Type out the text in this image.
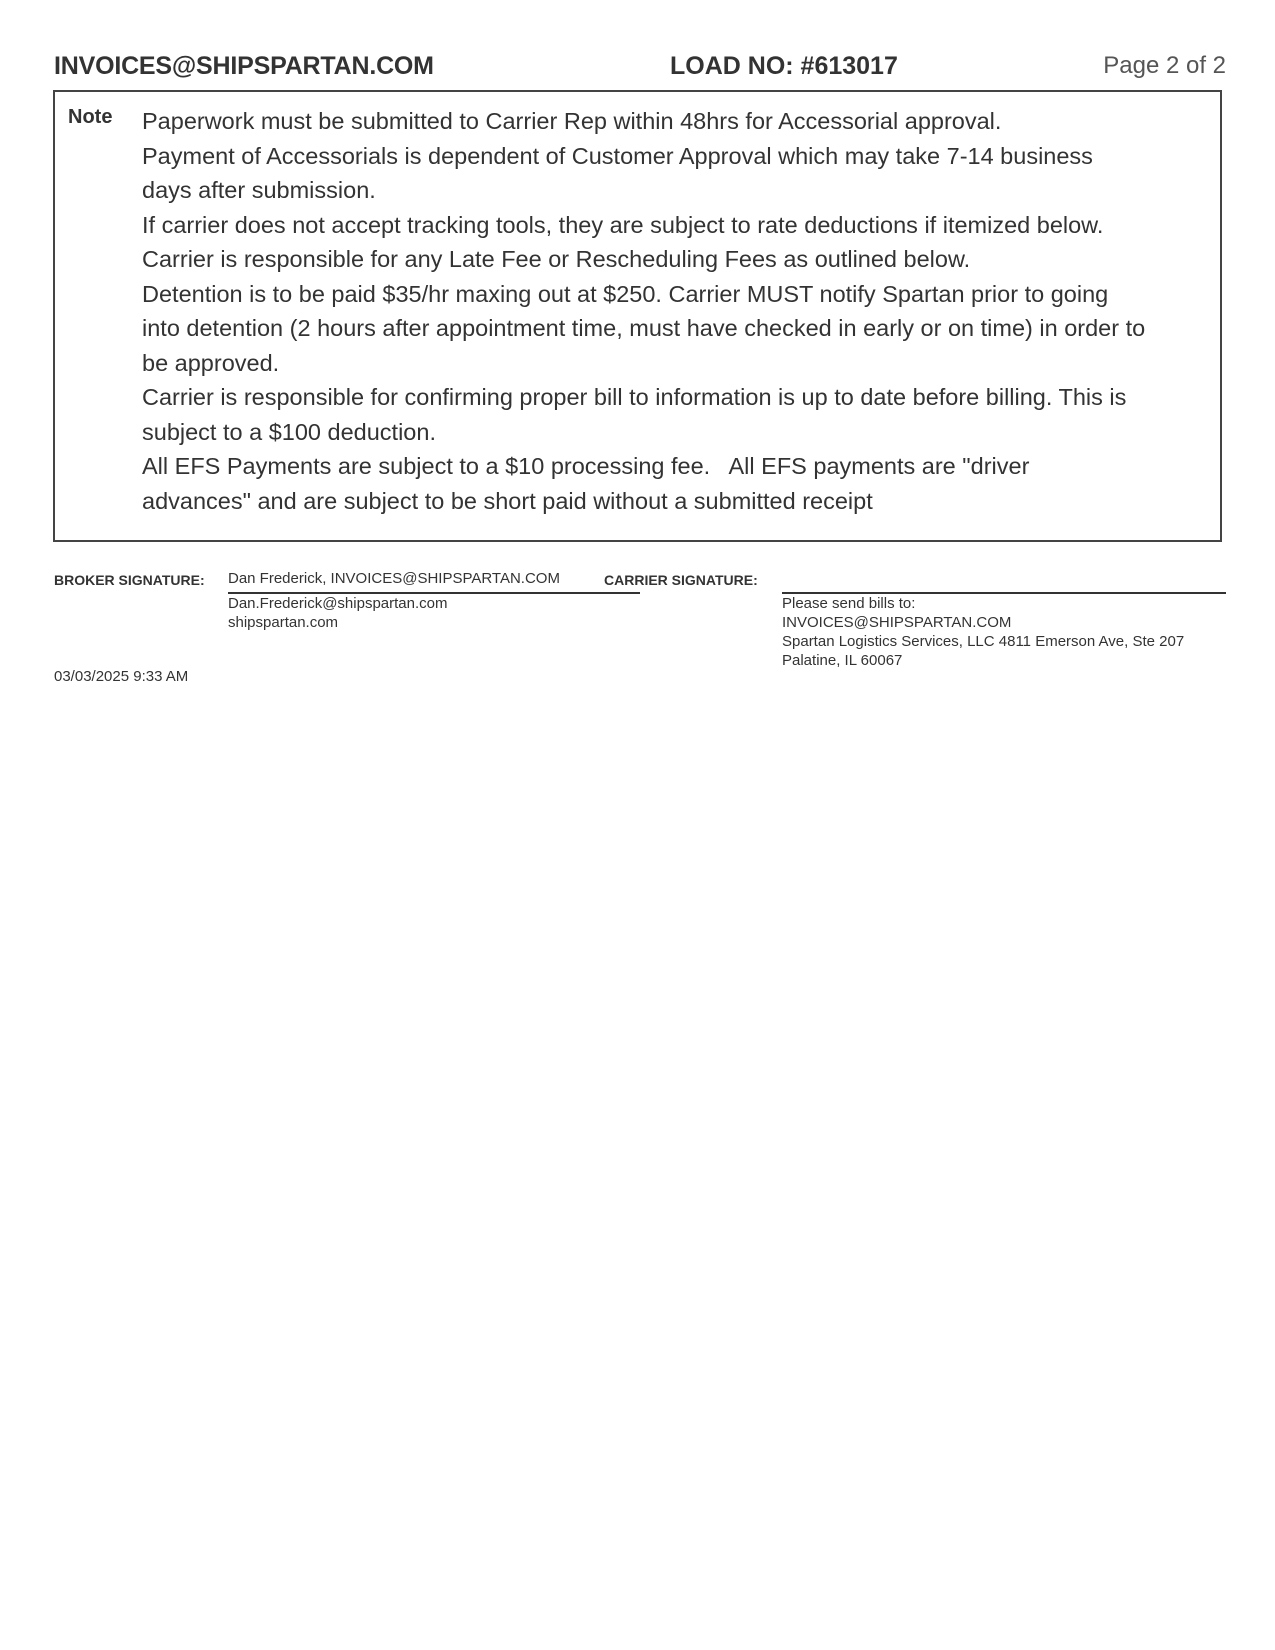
INVOICES@SHIPSPARTAN.COM	LOAD NO: #613017	Page 2 of 2
Note Paperwork must be submitted to Carrier Rep within 48hrs for Accessorial approval.
Payment of Accessorials is dependent of Customer Approval which may take 7-14 business
days after submission.
If carrier does not accept tracking tools, they are subject to rate deductions if itemized below.
Carrier is responsible for any Late Fee or Rescheduling Fees as outlined below.
Detention is to be paid $35/hr maxing out at $250. Carrier MUST notify Spartan prior to going
into detention (2 hours after appointment time, must have checked in early or on time) in order to
be approved.
Carrier is responsible for confirming proper bill to information is up to date before billing. This is
subject to a $100 deduction.
All EFS Payments are subject to a $10 processing fee.   All EFS payments are "driver
advances" and are subject to be short paid without a submitted receipt
BROKER SIGNATURE: Dan Frederick, INVOICES@SHIPSPARTAN.COM
Dan.Frederick@shipspartan.com
shipspartan.com
CARRIER SIGNATURE:
Please send bills to:
INVOICES@SHIPSPARTAN.COM
Spartan Logistics Services, LLC 4811 Emerson Ave, Ste 207
Palatine, IL 60067
03/03/2025 9:33 AM
